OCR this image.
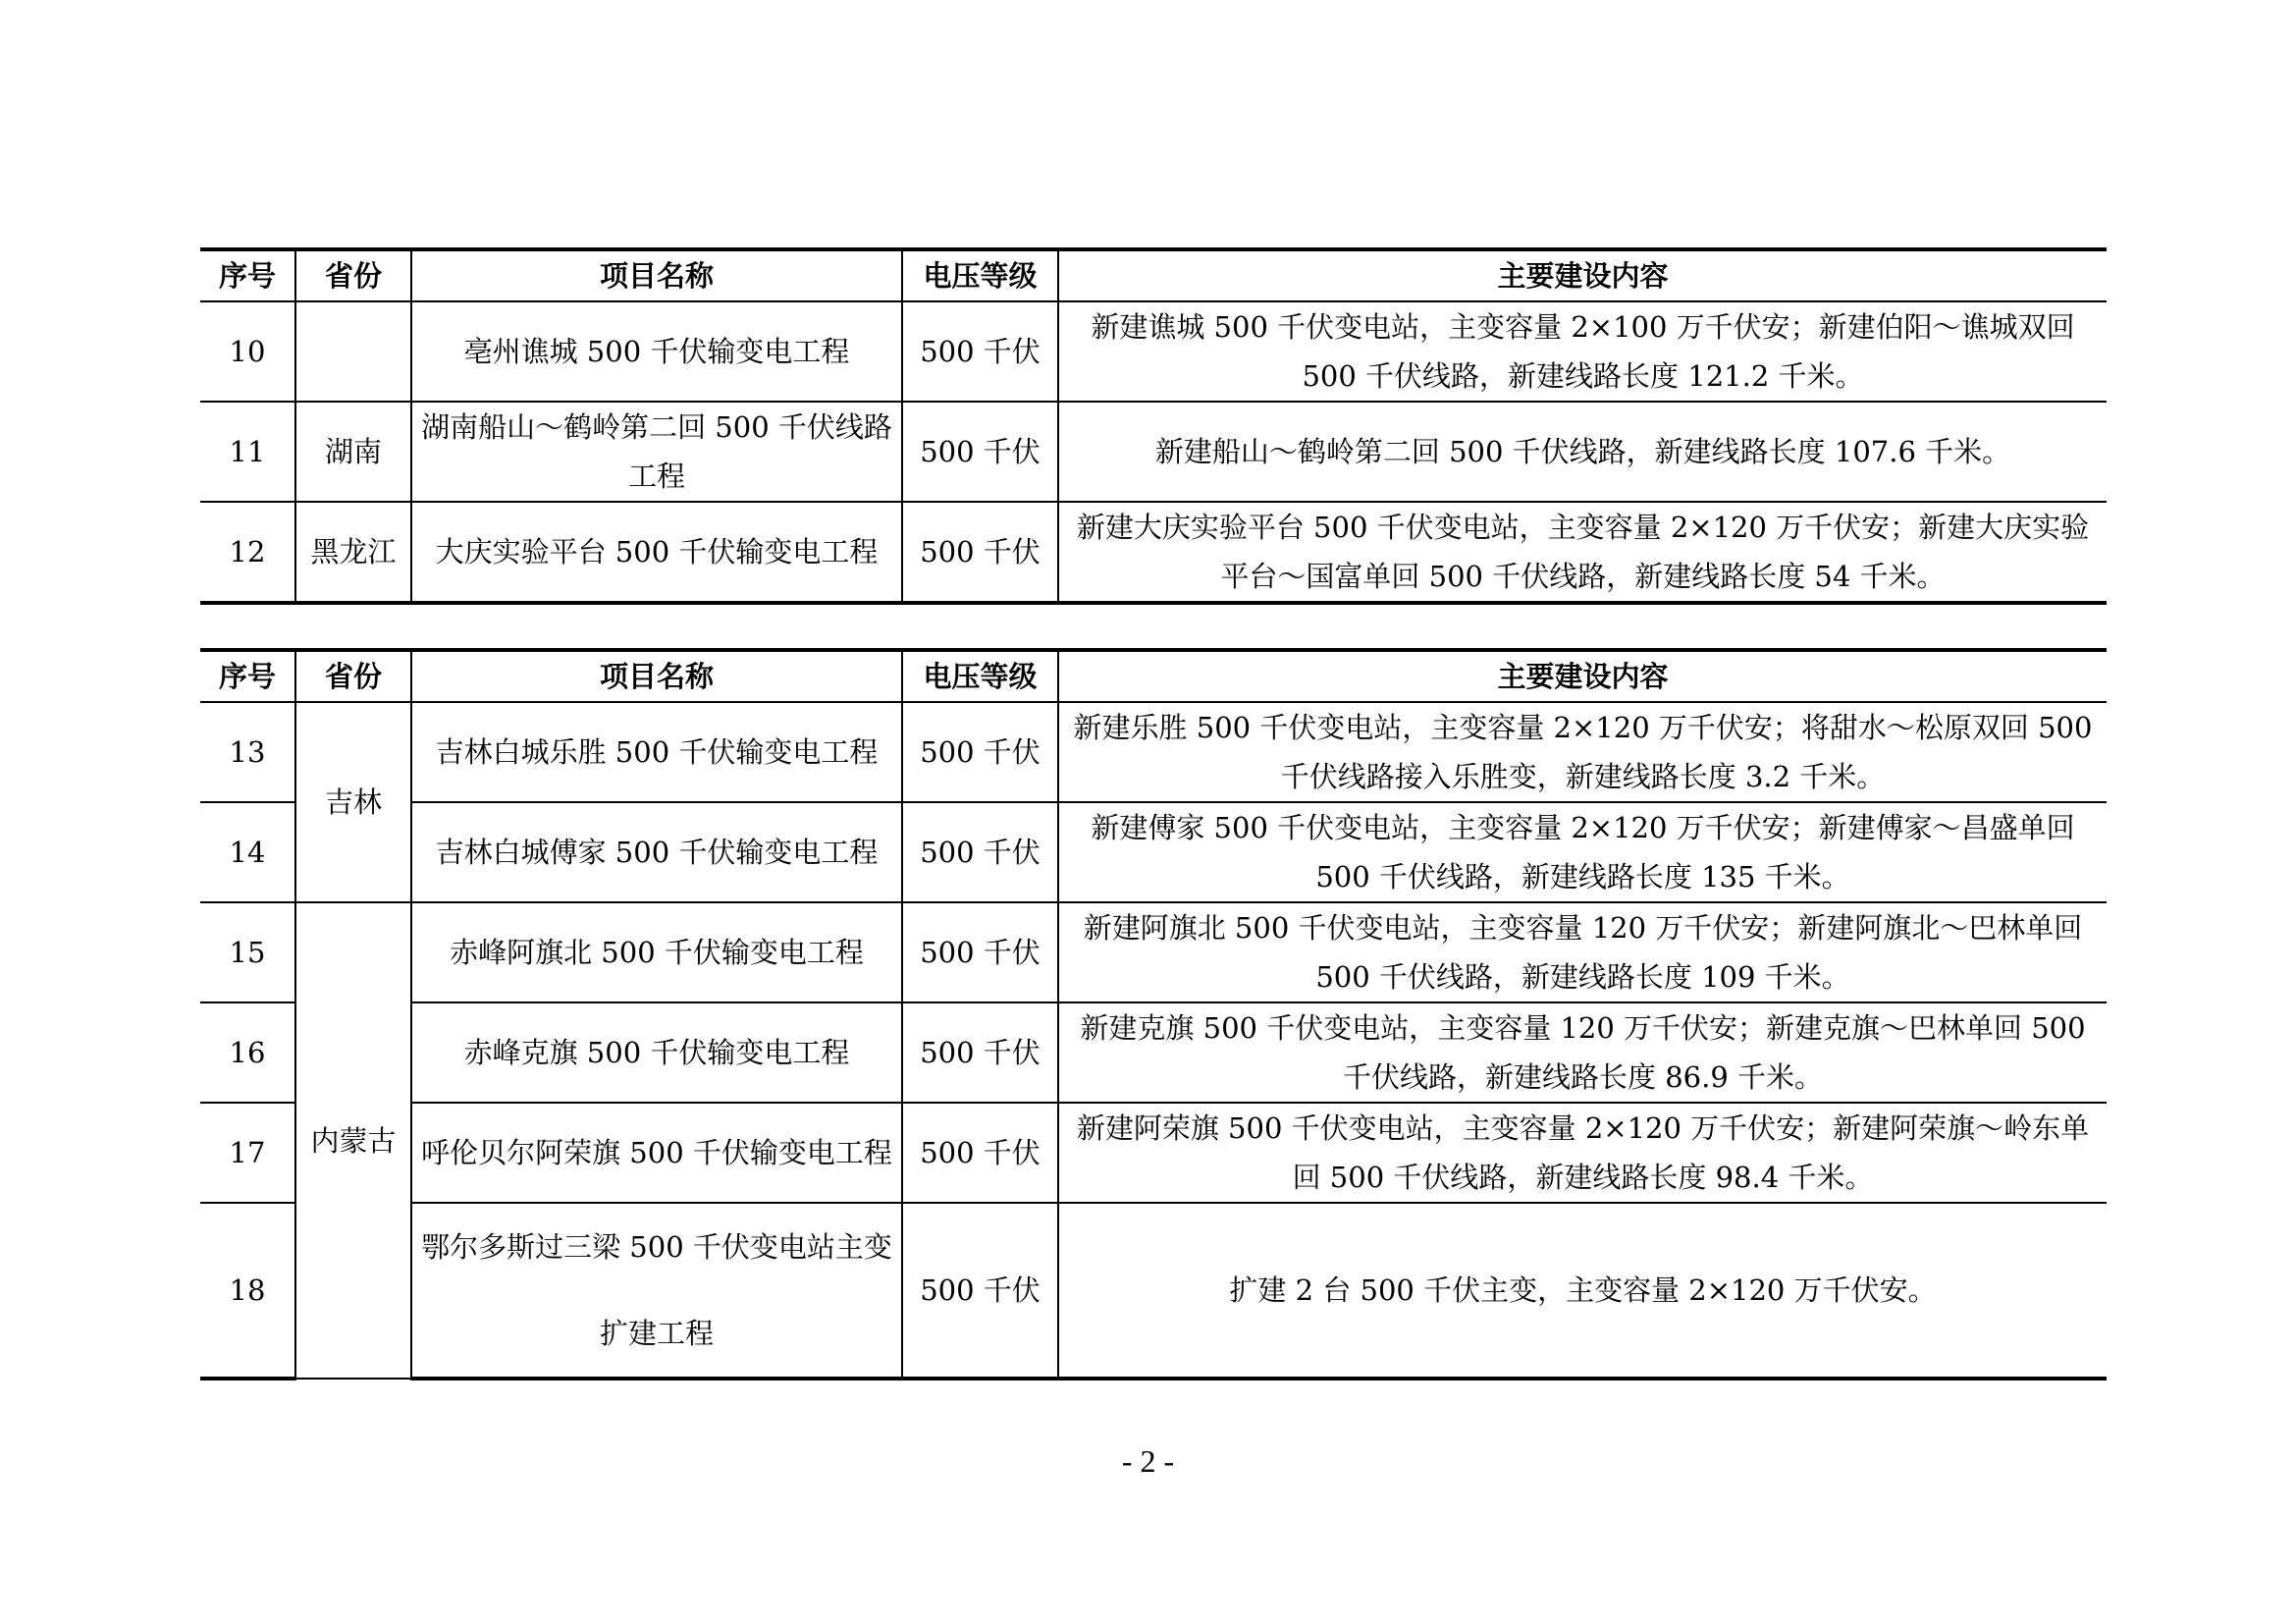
序号	省份	项目名称	电压等级	主要建设内容
10		亳州谯城 500 千伏输变电工程	500 千伏	新建谯城 500 千伏变电站，主变容量 2×100 万千伏安；新建伯阳～谯城双回 500 千伏线路，新建线路长度 121.2 千米。
11	湖南	湖南船山～鹤岭第二回 500 千伏线路工程	500 千伏	新建船山～鹤岭第二回 500 千伏线路，新建线路长度 107.6 千米。
12	黑龙江	大庆实验平台 500 千伏输变电工程	500 千伏	新建大庆实验平台 500 千伏变电站，主变容量 2×120 万千伏安；新建大庆实验平台～国富单回 500 千伏线路，新建线路长度 54 千米。
序号	省份	项目名称	电压等级	主要建设内容
13	吉林	吉林白城乐胜 500 千伏输变电工程	500 千伏	新建乐胜 500 千伏变电站，主变容量 2×120 万千伏安；将甜水～松原双回 500 千伏线路接入乐胜变，新建线路长度 3.2 千米。
14		吉林白城傅家 500 千伏输变电工程	500 千伏	新建傅家 500 千伏变电站，主变容量 2×120 万千伏安；新建傅家～昌盛单回 500 千伏线路，新建线路长度 135 千米。
15	内蒙古	赤峰阿旗北 500 千伏输变电工程	500 千伏	新建阿旗北 500 千伏变电站，主变容量 120 万千伏安；新建阿旗北～巴林单回 500 千伏线路，新建线路长度 109 千米。
16		赤峰克旗 500 千伏输变电工程	500 千伏	新建克旗 500 千伏变电站，主变容量 120 万千伏安；新建克旗～巴林单回 500 千伏线路，新建线路长度 86.9 千米。
17		呼伦贝尔阿荣旗 500 千伏输变电工程	500 千伏	新建阿荣旗 500 千伏变电站，主变容量 2×120 万千伏安；新建阿荣旗～岭东单回 500 千伏线路，新建线路长度 98.4 千米。
18		鄂尔多斯过三梁 500 千伏变电站主变扩建工程	500 千伏	扩建 2 台 500 千伏主变，主变容量 2×120 万千伏安。
- 2 -
